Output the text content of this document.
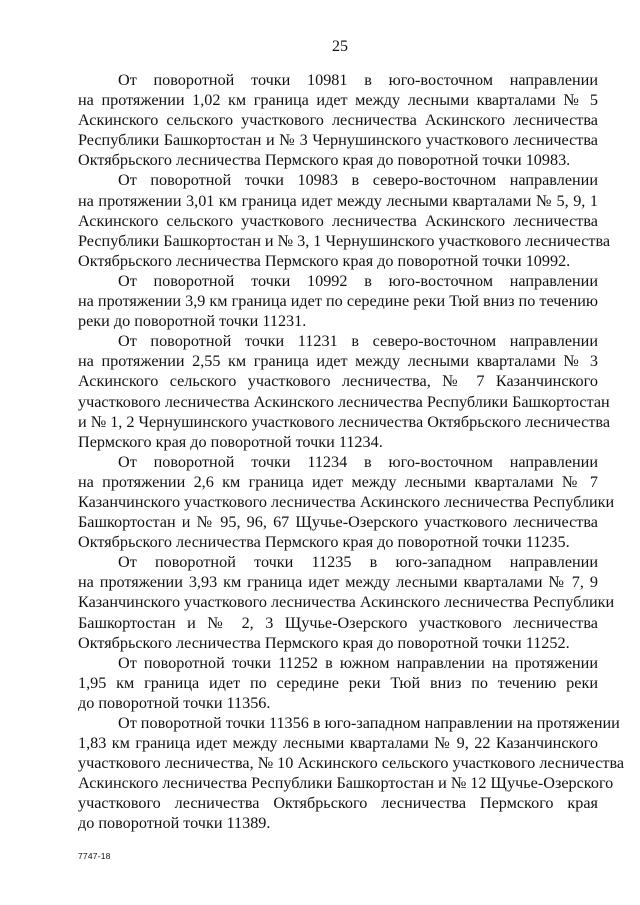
25
От поворотной точки 10981 в юго-восточном направлении
на протяжении 1,02 км граница идет между лесными кварталами № 5
Аскинского сельского участкового лесничества Аскинского лесничества
Республики Башкортостан и № 3 Чернушинского участкового лесничества
Октябрьского лесничества Пермского края до поворотной точки 10983.
От поворотной точки 10983 в северо-восточном направлении
на протяжении 3,01 км граница идет между лесными кварталами № 5, 9, 1
Аскинского сельского участкового лесничества Аскинского лесничества
Республики Башкортостан и № 3, 1 Чернушинского участкового лесничества
Октябрьского лесничества Пермского края до поворотной точки 10992.
От поворотной точки 10992 в юго-восточном направлении
на протяжении 3,9 км граница идет по середине реки Тюй вниз по течению
реки до поворотной точки 11231.
От поворотной точки 11231 в северо-восточном направлении
на протяжении 2,55 км граница идет между лесными кварталами № 3
Аскинского сельского участкового лесничества, № 7 Казанчинского
участкового лесничества Аскинского лесничества Республики Башкортостан
и № 1, 2 Чернушинского участкового лесничества Октябрьского лесничества
Пермского края до поворотной точки 11234.
От поворотной точки 11234 в юго-восточном направлении
на протяжении 2,6 км граница идет между лесными кварталами № 7
Казанчинского участкового лесничества Аскинского лесничества Республики
Башкортостан и № 95, 96, 67 Щучье-Озерского участкового лесничества
Октябрьского лесничества Пермского края до поворотной точки 11235.
От поворотной точки 11235 в юго-западном направлении
на протяжении 3,93 км граница идет между лесными кварталами № 7, 9
Казанчинского участкового лесничества Аскинского лесничества Республики
Башкортостан и № 2, 3 Щучье-Озерского участкового лесничества
Октябрьского лесничества Пермского края до поворотной точки 11252.
От поворотной точки 11252 в южном направлении на протяжении
1,95 км граница идет по середине реки Тюй вниз по течению реки
до поворотной точки 11356.
От поворотной точки 11356 в юго-западном направлении на протяжении
1,83 км граница идет между лесными кварталами № 9, 22 Казанчинского
участкового лесничества, № 10 Аскинского сельского участкового лесничества
Аскинского лесничества Республики Башкортостан и № 12 Щучье-Озерского
участкового лесничества Октябрьского лесничества Пермского края
до поворотной точки 11389.
7747-18
